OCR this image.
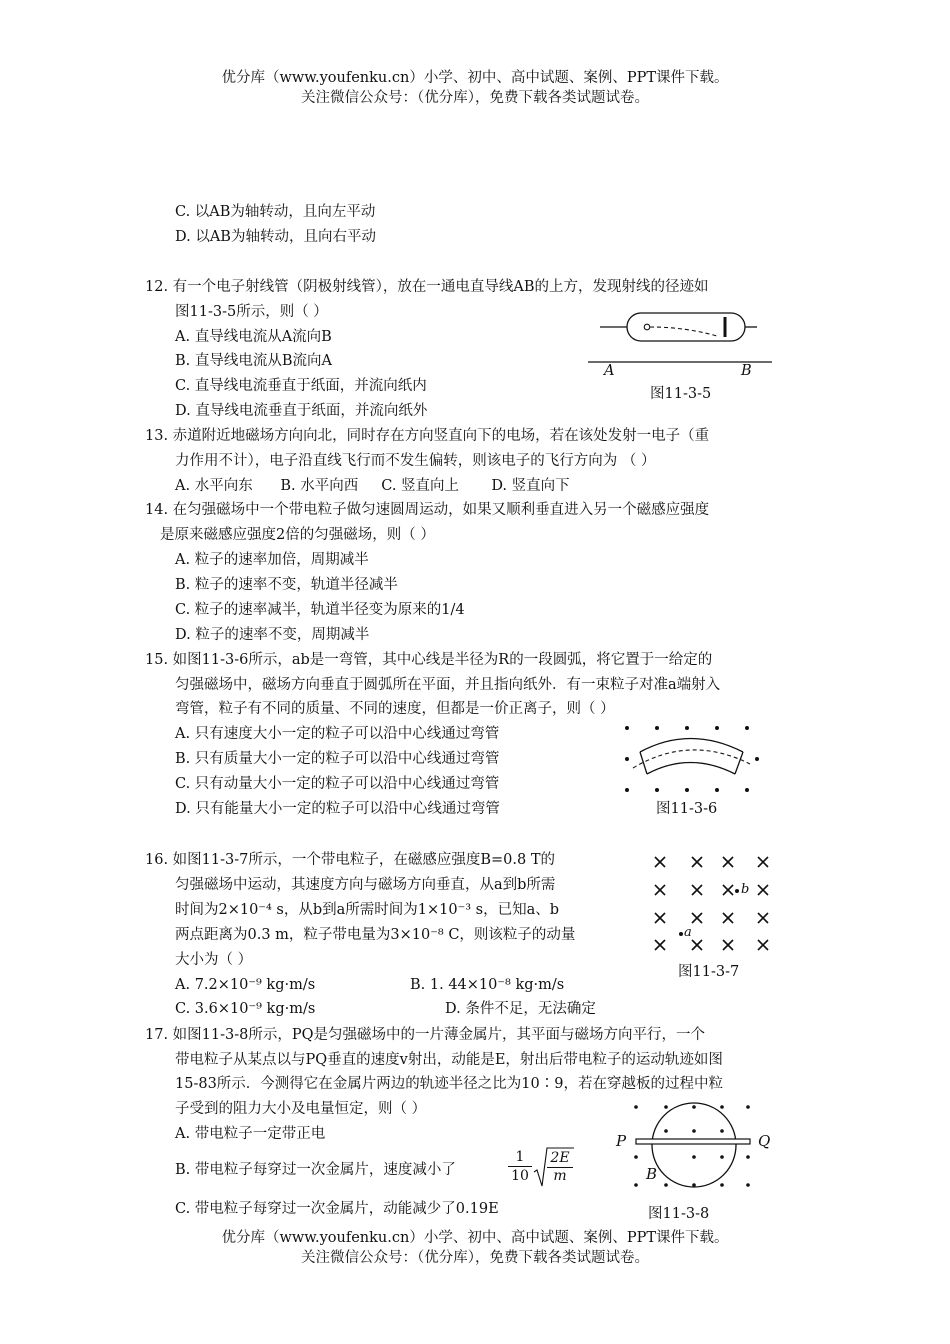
优分库（www.youfenku.cn）小学、初中、高中试题、案例、PPT课件下载。
关注微信公众号：（优分库），免费下载各类试题试卷。
C. 以AB为轴转动，且向左平动
D. 以AB为轴转动，且向右平动
12. 有一个电子射线管（阴极射线管），放在一通电直导线AB的上方，发现射线的径迹如
图11-3-5所示，则（ ）
A. 直导线电流从A流向B
B. 直导线电流从B流向A
C. 直导线电流垂直于纸面，并流向纸内
D. 直导线电流垂直于纸面，并流向纸外
A	B
图11-3-5
13. 赤道附近地磁场方向向北，同时存在方向竖直向下的电场，若在该处发射一电子（重
力作用不计），电子沿直线飞行而不发生偏转，则该电子的飞行方向为 （ ）
A. 水平向东      B. 水平向西     C. 竖直向上       D. 竖直向下
14. 在匀强磁场中一个带电粒子做匀速圆周运动，如果又顺利垂直进入另一个磁感应强度
是原来磁感应强度2倍的匀强磁场，则（ ）
A. 粒子的速率加倍，周期减半
B. 粒子的速率不变，轨道半径减半
C. 粒子的速率减半，轨道半径变为原来的1/4
D. 粒子的速率不变，周期减半
15. 如图11-3-6所示，ab是一弯管，其中心线是半径为R的一段圆弧，将它置于一给定的
匀强磁场中，磁场方向垂直于圆弧所在平面，并且指向纸外．有一束粒子对准a端射入
弯管，粒子有不同的质量、不同的速度，但都是一价正离子，则（ ）
A. 只有速度大小一定的粒子可以沿中心线通过弯管
B. 只有质量大小一定的粒子可以沿中心线通过弯管
C. 只有动量大小一定的粒子可以沿中心线通过弯管
D. 只有能量大小一定的粒子可以沿中心线通过弯管	图11-3-6
16. 如图11-3-7所示，一个带电粒子，在磁感应强度B=0.8 T的
匀强磁场中运动，其速度方向与磁场方向垂直，从a到b所需
时间为2×10⁻⁴ s，从b到a所需时间为1×10⁻³ s，已知a、b
两点距离为0.3 m，粒子带电量为3×10⁻⁸ C，则该粒子的动量
大小为（ ）
A. 7.2×10⁻⁹ kg·m/s	B. 1. 44×10⁻⁸ kg·m/s
C. 3.6×10⁻⁹ kg·m/s	D. 条件不足，无法确定
b
a
图11-3-7
17. 如图11-3-8所示，PQ是匀强磁场中的一片薄金属片，其平面与磁场方向平行，一个
带电粒子从某点以与PQ垂直的速度v射出，动能是E，射出后带电粒子的运动轨迹如图
15-83所示．今测得它在金属片两边的轨迹半径之比为10∶9，若在穿越板的过程中粒
子受到的阻力大小及电量恒定，则（ ）
A. 带电粒子一定带正电
B. 带电粒子每穿过一次金属片，速度减小了	$\frac{1}{10} \frac{2E}{m}$
C. 带电粒子每穿过一次金属片，动能减少了0.19E
P	Q
B
图11-3-8
优分库（www.youfenku.cn）小学、初中、高中试题、案例、PPT课件下载。
关注微信公众号：（优分库），免费下载各类试题试卷。
